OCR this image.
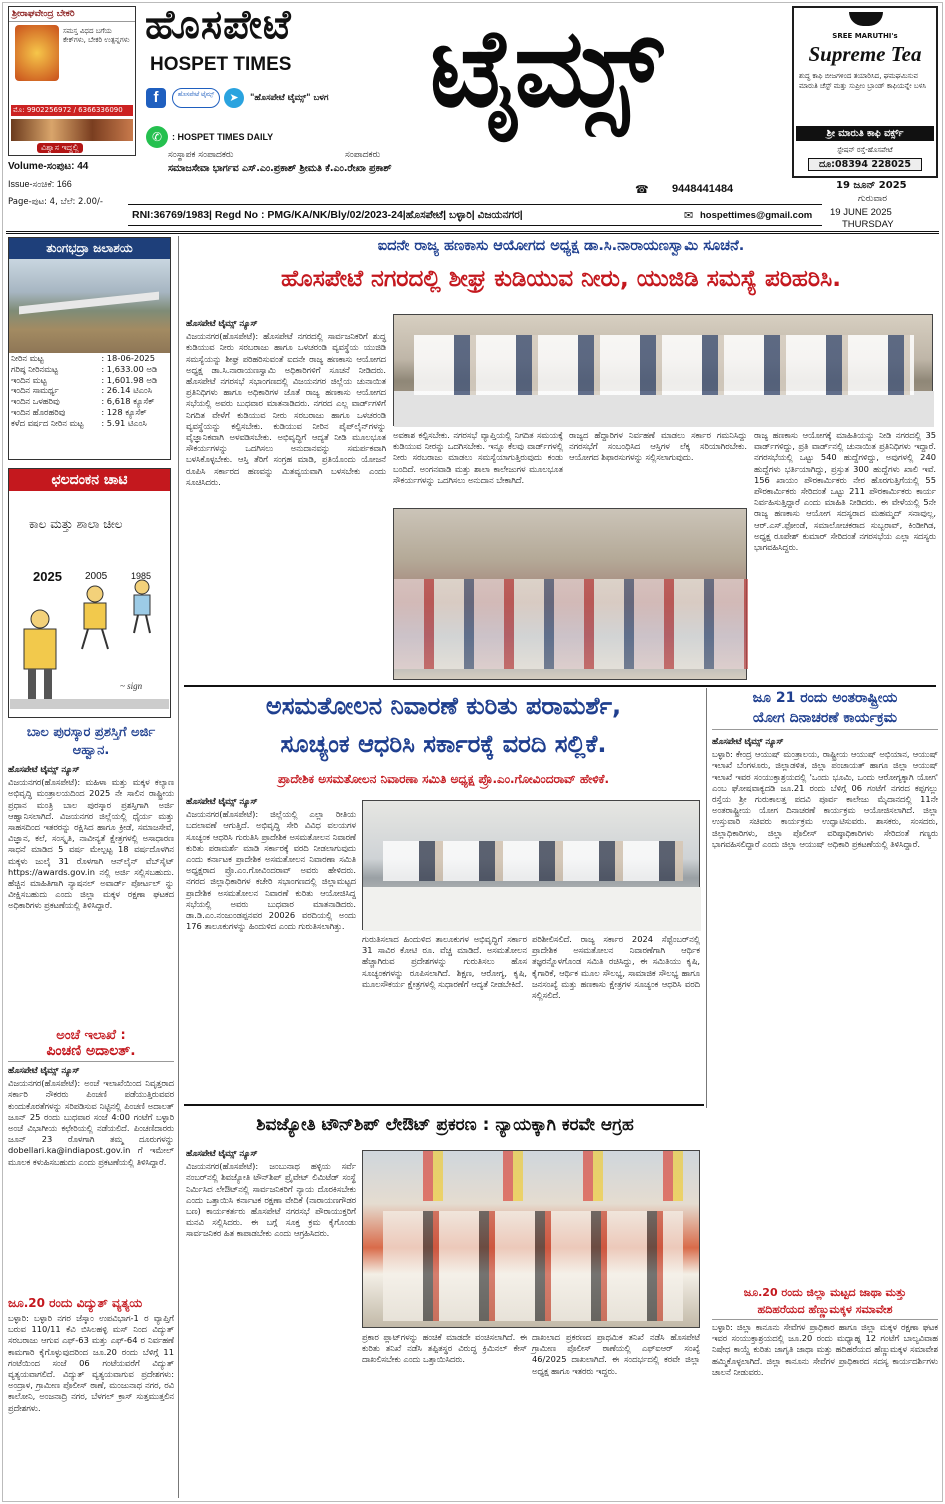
ಶ್ರೀರಾಘವೇಂದ್ರ ಬೇಕರಿ
ಸಮಸ್ತ ವಿಧದ ಬಗೆಯ ಕೇಕ್‌ಗಳು, ಬೇಕರಿ ಉತ್ಪನ್ನಗಳು
ಮೊ: 9902256972 / 6366336090
ವಿಶ್ವಾಸ ಇದ್ದಲ್ಲಿ
ಹೊಸಪೇಟೆ
HOSPET TIMES
f	ಹೊಸಪೇಟೆ ಟೈಮ್ಸ್	➤	"ಹೊಸಪೇಟೆ ಟೈಮ್ಸ್" ಬಳಗ
✆	: HOSPET TIMES DAILY
ಟೈಮ್ಸ್	SREE MARUTHI's
Supreme Tea
ಶುದ್ಧ ಕಾಫಿ ಬೀಜಗಳಿಂದ ತಯಾರಿಸಿದ, ಘಮಘಮಿಸುವ ಮಾರುತಿ ಚೆಸ್ಟ್ ಮತ್ತು ಸುಪ್ರೀಂ ಬ್ರಾಂಡ್ ಕಾಫಿಯನ್ನೇ ಬಳಸಿ
ಶ್ರೀ ಮಾರುತಿ ಕಾಫಿ ವರ್ಕ್ಸ್
ಸ್ಟೇಷನ್ ರಸ್ತೆ-ಹೊಸಪೇಟೆ
ದೂ:08394 228025
ಸಂಸ್ಥಾಪಕ ಸಂಪಾದಕರು	ಸಂಪಾದಕರು
Volume-ಸಂಪುಟ: 44
Issue-ಸಂಚಿಕೆ: 166
Page-ಪುಟ: 4, ಬೆಲೆ: 2.00/-
ಸಮಾಜಸೇವಾ ಭಾರ್ಗವ ಎಸ್.ಎಂ.ಪ್ರಕಾಶ್ ಶ್ರೀಮತಿ ಕೆ.ಎಂ.ರೇಖಾ ಪ್ರಕಾಶ್
☎ 9448441484	19 ಜೂನ್ 2025
ಗುರುವಾರ
19 JUNE 2025
THURSDAY
RNI:36769/1983| Regd No : PMG/KA/NK/Bly/02/2023-24|ಹೊಸಪೇಟೆ| ಬಳ್ಳಾರಿ| ವಿಜಯನಗರ|	✉ hospettimes@gmail.com
ತುಂಗಭದ್ರಾ ಜಲಾಶಯ
ನೀರಿನ ಮಟ್ಟ	: 18-06-2025
ಗರಿಷ್ಠ ನೀರಿನಮಟ್ಟ	: 1,633.00 ಅಡಿ
ಇಂದಿನ ಮಟ್ಟ	: 1,601.98 ಅಡಿ
ಇಂದಿನ ಸಾಮರ್ಥ್ಯ	: 26.14 ಟಿಎಂಸಿ
ಇಂದಿನ ಒಳಹರಿವು	: 6,618 ಕ್ಯೂಸೆಕ್
ಇಂದಿನ ಹೊರಹರಿವು	: 128 ಕ್ಯೂಸೆಕ್
ಕಳೆದ ವರ್ಷದ ನೀರಿನ ಮಟ್ಟ	: 5.91 ಟಿಎಂಸಿ
ಛಲದಂಕನ ಚಾಟಿ
ಕಾಲ ಮತ್ತು ಶಾಲಾ ಚೀಲ
~ sign
2025 2005	1985
ಬಾಲ ಪುರಸ್ಕಾರ ಪ್ರಶಸ್ತಿಗೆ ಅರ್ಜಿ ಆಹ್ವಾನ.

ಹೊಸಪೇಟೆ ಟೈಮ್ಸ್ ನ್ಯೂಸ್

ವಿಜಯನಗರ(ಹೊಸಪೇಟೆ): ಮಹಿಳಾ ಮತ್ತು ಮಕ್ಕಳ ಕಲ್ಯಾಣ ಅಭಿವೃದ್ಧಿ ಮಂತ್ರಾಲಯದಿಂದ 2025 ನೇ ಸಾಲಿನ ರಾಷ್ಟ್ರೀಯ ಪ್ರಧಾನ ಮಂತ್ರಿ ಬಾಲ ಪುರಸ್ಕಾರ ಪ್ರಶಸ್ತಿಗಾಗಿ ಅರ್ಜಿ ಆಹ್ವಾನಿಸಲಾಗಿದೆ. ವಿಜಯನಗರ ಜಿಲ್ಲೆಯಲ್ಲಿ ಧೈರ್ಯ ಮತ್ತು ಸಾಹಸದಿಂದ ಇತರರನ್ನು ರಕ್ಷಿಸಿದ ಹಾಗೂ ಕ್ರೀಡೆ, ಸಮಾಜಸೇವೆ, ವಿಜ್ಞಾನ, ಕಲೆ, ಸಂಸ್ಕೃತಿ, ನಾವೀನ್ಯತೆ ಕ್ಷೇತ್ರಗಳಲ್ಲಿ ಅಸಾಧಾರಣ ಸಾಧನೆ ಮಾಡಿದ 5 ವರ್ಷ ಮೇಲ್ಪಟ್ಟ 18 ವರ್ಷದೊಳಗಿನ ಮಕ್ಕಳು ಜುಲೈ 31 ರೊಳಗಾಗಿ ಆನ್‌ಲೈನ್ ವೆಬ್‌ಸೈಟ್ https://awards.gov.in ನಲ್ಲಿ ಅರ್ಜಿ ಸಲ್ಲಿಸಬಹುದು. ಹೆಚ್ಚಿನ ಮಾಹಿತಿಗಾಗಿ ನ್ಯಾಷನಲ್ ಅವಾರ್ಡ್ ಪೋರ್ಟಲ್ ನ್ನು ವೀಕ್ಷಿಸಬಹುದು ಎಂದು ಜಿಲ್ಲಾ ಮಕ್ಕಳ ರಕ್ಷಣಾ ಘಟಕದ ಅಧಿಕಾರಿಗಳು ಪ್ರಕಟಣೆಯಲ್ಲಿ ತಿಳಿಸಿದ್ದಾರೆ.

ಅಂಚೆ ಇಲಾಖೆ :
ಪಿಂಚಣಿ ಅದಾಲತ್.

ಹೊಸಪೇಟೆ ಟೈಮ್ಸ್ ನ್ಯೂಸ್

ವಿಜಯನಗರ(ಹೊಸಪೇಟೆ): ಅಂಚೆ ಇಲಾಖೆಯಿಂದ ನಿವೃತ್ತರಾದ ಸರ್ಕಾರಿ ನೌಕರರು ಪಿಂಚಣಿ ಪಡೆಯುತ್ತಿರುವವರ ಕುಂದುಕೊರತೆಗಳನ್ನು ಸರಿಪಡಿಸುವ ನಿಟ್ಟಿನಲ್ಲಿ ಪಿಂಚಣಿ ಅದಾಲತ್ ಜೂನ್ 25 ರಂದು ಬುಧವಾರ ಸಂಜೆ 4:00 ಗಂಟೆಗೆ ಬಳ್ಳಾರಿ ಅಂಚೆ ವಿಭಾಗೀಯ ಕಛೇರಿಯಲ್ಲಿ ನಡೆಯಲಿದೆ. ಪಿಂಚಣಿದಾರರು ಜೂನ್ 23 ರೊಳಗಾಗಿ ತಮ್ಮ ದೂರುಗಳನ್ನು dobellari.ka@indiapost.gov.in ಗೆ ಇಮೇಲ್ ಮೂಲಕ ಕಳುಹಿಸಬಹುದು ಎಂದು ಪ್ರಕಟಣೆಯಲ್ಲಿ ತಿಳಿಸಿದ್ದಾರೆ.

ಜೂ.20 ರಂದು ವಿದ್ಯುತ್ ವ್ಯತ್ಯಯ

ಬಳ್ಳಾರಿ: ಬಳ್ಳಾರಿ ನಗರ ಜೆಸ್ಕಾಂ ಉಪವಿಭಾಗ-1 ರ ವ್ಯಾಪ್ತಿಗೆ ಬರುವ 110/11 ಕೆವಿ ಬಿಸಿಲಹಳ್ಳಿ ಮಸ್ ನಿಂದ ವಿದ್ಯುತ್ ಸರಬರಾಜು ಆಗುವ ಎಫ್-63 ಮತ್ತು ಎಫ್-64 ರ ನಿರ್ವಹಣೆ ಕಾಮಗಾರಿ ಕೈಗೊಳ್ಳುವುದರಿಂದ ಜೂ.20 ರಂದು ಬೆಳಿಗ್ಗೆ 11 ಗಂಟೆಯಿಂದ ಸಂಜೆ 06 ಗಂಟೆಯವರೆಗೆ ವಿದ್ಯುತ್ ವ್ಯತ್ಯಯವಾಗಲಿದೆ. ವಿದ್ಯುತ್ ವ್ಯತ್ಯಯವಾಗುವ ಪ್ರದೇಶಗಳು: ಅಂದ್ರಾಳ, ಗ್ರಾಮೀಣ ಪೊಲೀಸ್ ಠಾಣೆ, ಮಂಜುನಾಥ ನಗರ, ರವಿ ಕಾಲೋನಿ, ಅಂಜನಾದ್ರಿ ನಗರ, ಬೆಳಗಲ್ ಕ್ರಾಸ್ ಸುತ್ತಮುತ್ತಲಿನ ಪ್ರದೇಶಗಳು.

ಐದನೇ ರಾಜ್ಯ ಹಣಕಾಸು ಆಯೋಗದ ಅಧ್ಯಕ್ಷ ಡಾ.ಸಿ.ನಾರಾಯಣಸ್ವಾಮಿ ಸೂಚನೆ.
ಹೊಸಪೇಟೆ ನಗರದಲ್ಲಿ ಶೀಘ್ರ ಕುಡಿಯುವ ನೀರು, ಯುಜಿಡಿ ಸಮಸ್ಯೆ ಪರಿಹರಿಸಿ.

ಹೊಸಪೇಟೆ ಟೈಮ್ಸ್ ನ್ಯೂಸ್

ವಿಜಯನಗರ(ಹೊಸಪೇಟೆ): ಹೊಸಪೇಟೆ ನಗರದಲ್ಲಿ ಸಾರ್ವಜನಿಕರಿಗೆ ಶುದ್ಧ ಕುಡಿಯುವ ನೀರು ಸರಬರಾಜು ಹಾಗೂ ಒಳಚರಂಡಿ ವ್ಯವಸ್ಥೆಯ ಯುಜಿಡಿ ಸಮಸ್ಯೆಯನ್ನು ಶೀಘ್ರ ಪರಿಹರಿಸುವಂತೆ ಐದನೇ ರಾಜ್ಯ ಹಣಕಾಸು ಆಯೋಗದ ಅಧ್ಯಕ್ಷ ಡಾ.ಸಿ.ನಾರಾಯಣಸ್ವಾಮಿ ಅಧಿಕಾರಿಗಳಿಗೆ ಸೂಚನೆ ನೀಡಿದರು. ಹೊಸಪೇಟೆ ನಗರಸಭೆ ಸಭಾಂಗಣದಲ್ಲಿ ವಿಜಯನಗರ ಜಿಲ್ಲೆಯ ಚುನಾಯಿತ ಪ್ರತಿನಿಧಿಗಳು ಹಾಗೂ ಅಧಿಕಾರಿಗಳ ಜೊತೆ ರಾಜ್ಯ ಹಣಕಾಸು ಆಯೋಗದ ಸಭೆಯಲ್ಲಿ ಅವರು ಬುಧವಾರ ಮಾತನಾಡಿದರು. ನಗರದ ಎಲ್ಲ ವಾರ್ಡ್‌ಗಳಿಗೆ ನಿಗದಿತ ವೇಳೆಗೆ ಕುಡಿಯುವ ನೀರು ಸರಬರಾಜು ಹಾಗೂ ಒಳಚರಂಡಿ ವ್ಯವಸ್ಥೆಯನ್ನು ಕಲ್ಪಿಸಬೇಕು. ಕುಡಿಯುವ ನೀರಿನ ಪೈಪ್‌ಲೈನ್‌ಗಳನ್ನು ವೈಜ್ಞಾನಿಕವಾಗಿ ಅಳವಡಿಸಬೇಕು. ಅಭಿವೃದ್ಧಿಗೆ ಆದ್ಯತೆ ನೀಡಿ ಮೂಲಭೂತ ಸೌಕರ್ಯಗಳನ್ನು ಒದಗಿಸಲು ಅನುದಾನವನ್ನು ಸಮರ್ಪಕವಾಗಿ ಬಳಸಿಕೊಳ್ಳಬೇಕು. ಆಸ್ತಿ ತೆರಿಗೆ ಸಂಗ್ರಹ ಮಾಡಿ, ಪ್ರತಿಯೊಂದು ಯೋಜನೆ ರೂಪಿಸಿ ಸರ್ಕಾರದ ಹಣವನ್ನು ಮಿತವ್ಯಯವಾಗಿ ಬಳಸಬೇಕು ಎಂದು ಸೂಚಿಸಿದರು.

ಅವಕಾಶ ಕಲ್ಪಿಸಬೇಕು. ನಗರಸಭೆ ವ್ಯಾಪ್ತಿಯಲ್ಲಿ ನಿಗದಿತ ಸಮಯಕ್ಕೆ ಕುಡಿಯುವ ನೀರನ್ನು ಒದಗಿಸಬೇಕು. ಇನ್ನೂ ಕೆಲವು ವಾರ್ಡ್‌ಗಳಲ್ಲಿ ನೀರು ಸರಬರಾಜು ಮಾಡಲು ಸಮಸ್ಯೆಯಾಗುತ್ತಿರುವುದು ಕಂಡು ಬಂದಿದೆ. ಅಂಗನವಾಡಿ ಮತ್ತು ಶಾಲಾ ಕಾಲೇಜುಗಳ ಮೂಲಭೂತ ಸೌಕರ್ಯಗಳನ್ನು ಒದಗಿಸಲು ಅನುದಾನ ಬೇಕಾಗಿದೆ.

ರಾಜ್ಯದ ಹೆದ್ದಾರಿಗಳ ನಿರ್ವಹಣೆ ಮಾಡಲು ಸರ್ಕಾರ ಗಮನಿಸಿದ್ದು ನಗರಸಭೆಗೆ ಸಂಬಂಧಿಸಿದ ಆಸ್ತಿಗಳ ಲೆಕ್ಕ ಸರಿಯಾಗಿರಬೇಕು. ಆಯೋಗದ ಶಿಫಾರಸುಗಳನ್ನು ಸಲ್ಲಿಸಲಾಗುವುದು.

ರಾಜ್ಯ ಹಣಕಾಸು ಆಯೋಗಕ್ಕೆ ಮಾಹಿತಿಯನ್ನು ನೀಡಿ ನಗರದಲ್ಲಿ 35 ವಾರ್ಡ್‌ಗಳಿದ್ದು, ಪ್ರತಿ ವಾರ್ಡ್‌ನಲ್ಲಿ ಚುನಾಯಿತ ಪ್ರತಿನಿಧಿಗಳು ಇದ್ದಾರೆ. ನಗರಸಭೆಯಲ್ಲಿ ಒಟ್ಟು 540 ಹುದ್ದೆಗಳಿದ್ದು, ಅವುಗಳಲ್ಲಿ 240 ಹುದ್ದೆಗಳು ಭರ್ತಿಯಾಗಿದ್ದು, ಪ್ರಸ್ತುತ 300 ಹುದ್ದೆಗಳು ಖಾಲಿ ಇವೆ. 156 ಖಾಯಂ ಪೌರಕಾರ್ಮಿಕರು ನೇರ ಹೊರಗುತ್ತಿಗೆಯಲ್ಲಿ 55 ಪೌರಕಾರ್ಮಿಕರು ಸೇರಿದಂತೆ ಒಟ್ಟು 211 ಪೌರಕಾರ್ಮಿಕರು ಕಾರ್ಯ ನಿರ್ವಹಿಸುತ್ತಿದ್ದಾರೆ ಎಂದು ಮಾಹಿತಿ ನೀಡಿದರು. ಈ ವೇಳೆಯಲ್ಲಿ 5ನೇ ರಾಜ್ಯ ಹಣಕಾಸು ಆಯೋಗ ಸದಸ್ಯರಾದ ಮಹಮ್ಮದ್ ಸನಾವುಲ್ಲ, ಆರ್.ಎಸ್.ಫೋಂಡೆ, ಸಮಾಲೋಚಕರಾದ ಸುಬ್ಬರಾವ್, ಕಿಂಡೀಗಿಡ, ಅಧ್ಯಕ್ಷ ರೂಪೇಶ್ ಕುಮಾರ್ ಸೇರಿದಂತೆ ನಗರಸಭೆಯ ಎಲ್ಲಾ ಸದಸ್ಯರು ಭಾಗವಹಿಸಿದ್ದರು.

ಅಸಮತೋಲನ ನಿವಾರಣೆ ಕುರಿತು ಪರಾಮರ್ಶೆ,
ಸೂಚ್ಯಂಕ ಆಧರಿಸಿ ಸರ್ಕಾರಕ್ಕೆ ವರದಿ ಸಲ್ಲಿಕೆ.
ಪ್ರಾದೇಶಿಕ ಅಸಮತೋಲನ ನಿವಾರಣಾ ಸಮಿತಿ ಅಧ್ಯಕ್ಷ ಪ್ರೊ.ಎಂ.ಗೋವಿಂದರಾವ್ ಹೇಳಿಕೆ.

ಹೊಸಪೇಟೆ ಟೈಮ್ಸ್ ನ್ಯೂಸ್

ವಿಜಯನಗರ(ಹೊಸಪೇಟೆ): ಜಿಲ್ಲೆಯಲ್ಲಿ ಎಲ್ಲಾ ರೀತಿಯ ಬದಲಾವಣೆ ಆಗುತ್ತಿದೆ. ಅಭಿವೃದ್ಧಿ ಸೇರಿ ವಿವಿಧ ವಲಯಗಳ ಸೂಚ್ಯಂಕ ಆಧರಿಸಿ ಗುರುತಿಸಿ ಪ್ರಾದೇಶಿಕ ಅಸಮತೋಲನ ನಿವಾರಣೆ ಕುರಿತು ಪರಾಮರ್ಶೆ ಮಾಡಿ ಸರ್ಕಾರಕ್ಕೆ ವರದಿ ನೀಡಲಾಗುವುದು ಎಂದು ಕರ್ನಾಟಕ ಪ್ರಾದೇಶಿಕ ಅಸಮತೋಲನ ನಿವಾರಣಾ ಸಮಿತಿ ಅಧ್ಯಕ್ಷರಾದ ಪ್ರೊ.ಎಂ.ಗೋವಿಂದರಾವ್ ಅವರು ಹೇಳಿದರು. ನಗರದ ಜಿಲ್ಲಾಧಿಕಾರಿಗಳ ಕಚೇರಿ ಸಭಾಂಗಣದಲ್ಲಿ ಜಿಲ್ಲಾಮಟ್ಟದ ಪ್ರಾದೇಶಿಕ ಅಸಮತೋಲನ ನಿವಾರಣೆ ಕುರಿತು ಆಯೋಜಿಸಿದ್ದ ಸಭೆಯಲ್ಲಿ ಅವರು ಬುಧವಾರ ಮಾತನಾಡಿದರು. ಡಾ.ಡಿ.ಎಂ.ನಂಜುಂಡಪ್ಪನವರ 20026 ವರದಿಯಲ್ಲಿ ಅಂದು 176 ತಾಲೂಕುಗಳನ್ನು ಹಿಂದುಳಿದ ಎಂದು ಗುರುತಿಸಲಾಗಿತ್ತು.

ಗುರುತಿಸಲಾದ ಹಿಂದುಳಿದ ತಾಲೂಕುಗಳ ಅಭಿವೃದ್ಧಿಗೆ ಸರ್ಕಾರ 31 ಸಾವಿರ ಕೋಟಿ ರೂ. ವೆಚ್ಚ ಮಾಡಿದೆ. ಅಸಮತೋಲನ ಹೆಚ್ಚಾಗಿರುವ ಪ್ರದೇಶಗಳನ್ನು ಗುರುತಿಸಲು ಹೊಸ ಸೂಚ್ಯಂಕಗಳನ್ನು ರೂಪಿಸಲಾಗಿದೆ. ಶಿಕ್ಷಣ, ಆರೋಗ್ಯ, ಕೃಷಿ, ಮೂಲಸೌಕರ್ಯ ಕ್ಷೇತ್ರಗಳಲ್ಲಿ ಸುಧಾರಣೆಗೆ ಆದ್ಯತೆ ನೀಡಬೇಕಿದೆ.

ಪರಿಶೀಲಿಸಲಿದೆ. ರಾಜ್ಯ ಸರ್ಕಾರ 2024 ಸೆಪ್ಟೆಂಬರ್‌ನಲ್ಲಿ ಪ್ರಾದೇಶಿಕ ಅಸಮತೋಲನ ನಿವಾರಣೆಗಾಗಿ ಆರ್ಥಿಕ ತಜ್ಞರನ್ನೊಳಗೊಂಡ ಸಮಿತಿ ರಚಿಸಿದ್ದು, ಈ ಸಮಿತಿಯು ಕೃಷಿ, ಕೈಗಾರಿಕೆ, ಆರ್ಥಿಕ ಮೂಲ ಸೌಲಭ್ಯ, ಸಾಮಾಜಿಕ ಸೌಲಭ್ಯ ಹಾಗೂ ಜನಸಂಖ್ಯೆ ಮತ್ತು ಹಣಕಾಸು ಕ್ಷೇತ್ರಗಳ ಸೂಚ್ಯಂಕ ಆಧರಿಸಿ ವರದಿ ಸಲ್ಲಿಸಲಿದೆ.

ಶಿವಜ್ಯೋತಿ ಟೌನ್‌ಶಿಪ್ ಲೇಔಟ್ ಪ್ರಕರಣ : ನ್ಯಾಯಕ್ಕಾಗಿ ಕರವೇ ಆಗ್ರಹ

ಹೊಸಪೇಟೆ ಟೈಮ್ಸ್ ನ್ಯೂಸ್

ವಿಜಯನಗರ(ಹೊಸಪೇಟೆ): ಜಂಬುನಾಥ ಹಳ್ಳಿಯ ಸರ್ವೆ ನಂಬರ್‌ನಲ್ಲಿ ಶಿವಜ್ಯೋತಿ ಟೌನ್‌ಶಿಪ್ ಪ್ರೈವೇಟ್ ಲಿಮಿಟೆಡ್ ಸಂಸ್ಥೆ ನಿರ್ಮಿಸಿದ ಲೇಔಟ್‌ನಲ್ಲಿ ಸಾರ್ವಜನಿಕರಿಗೆ ನ್ಯಾಯ ದೊರಕಿಸಬೇಕು ಎಂದು ಒತ್ತಾಯಿಸಿ ಕರ್ನಾಟಕ ರಕ್ಷಣಾ ವೇದಿಕೆ (ನಾರಾಯಣಗೌಡರ ಬಣ) ಕಾರ್ಯಕರ್ತರು ಹೊಸಪೇಟೆ ನಗರಸಭೆ ಪೌರಾಯುಕ್ತರಿಗೆ ಮನವಿ ಸಲ್ಲಿಸಿದರು. ಈ ಬಗ್ಗೆ ಸೂಕ್ತ ಕ್ರಮ ಕೈಗೊಂಡು ಸಾರ್ವಜನಿಕರ ಹಿತ ಕಾಪಾಡಬೇಕು ಎಂದು ಆಗ್ರಹಿಸಿದರು.

ಪ್ರಕಾರ ಪ್ಲಾಟ್‌ಗಳನ್ನು ಹಂಚಿಕೆ ಮಾಡದೇ ವಂಚಿಸಲಾಗಿದೆ. ಈ ಕುರಿತು ತನಿಖೆ ನಡೆಸಿ ತಪ್ಪಿತಸ್ಥರ ವಿರುದ್ಧ ಕ್ರಿಮಿನಲ್ ಕೇಸ್ ದಾಖಲಿಸಬೇಕು ಎಂದು ಒತ್ತಾಯಿಸಿದರು.

ದಾಖಲಾದ ಪ್ರಕರಣದ ಪ್ರಾಥಮಿಕ ತನಿಖೆ ನಡೆಸಿ ಹೊಸಪೇಟೆ ಗ್ರಾಮೀಣ ಪೊಲೀಸ್ ಠಾಣೆಯಲ್ಲಿ ಎಫ್‌ಐಆರ್ ಸಂಖ್ಯೆ 46/2025 ದಾಖಲಾಗಿದೆ. ಈ ಸಂದರ್ಭದಲ್ಲಿ ಕರವೇ ಜಿಲ್ಲಾ ಅಧ್ಯಕ್ಷ ಹಾಗೂ ಇತರರು ಇದ್ದರು.

ಜೂ 21 ರಂದು ಅಂತರಾಷ್ಟ್ರೀಯ
ಯೋಗ ದಿನಾಚರಣೆ ಕಾರ್ಯಕ್ರಮ

ಹೊಸಪೇಟೆ ಟೈಮ್ಸ್ ನ್ಯೂಸ್

ಬಳ್ಳಾರಿ: ಕೇಂದ್ರ ಆಯುಷ್ ಮಂತ್ರಾಲಯ, ರಾಷ್ಟ್ರೀಯ ಆಯುಷ್ ಅಭಿಯಾನ, ಆಯುಷ್ ಇಲಾಖೆ ಬೆಂಗಳೂರು, ಜಿಲ್ಲಾಡಳಿತ, ಜಿಲ್ಲಾ ಪಂಚಾಯತ್ ಹಾಗೂ ಜಿಲ್ಲಾ ಆಯುಷ್ ಇಲಾಖೆ ಇವರ ಸಂಯುಕ್ತಾಶ್ರಯದಲ್ಲಿ 'ಒಂದು ಭೂಮಿ, ಒಂದು ಆರೋಗ್ಯಕ್ಕಾಗಿ ಯೋಗ' ಎಂಬ ಘೋಷವಾಕ್ಯದಡಿ ಜೂ.21 ರಂದು ಬೆಳಿಗ್ಗೆ 06 ಗಂಟೆಗೆ ನಗರದ ಕಪ್ಪಗಲ್ಲು ರಸ್ತೆಯ ಶ್ರೀ ಗುರುಕಾಲತ್ತ ಪದವಿ ಪೂರ್ವ ಕಾಲೇಜು ಮೈದಾನದಲ್ಲಿ 11ನೇ ಅಂತರಾಷ್ಟ್ರೀಯ ಯೋಗ ದಿನಾಚರಣೆ ಕಾರ್ಯಕ್ರಮ ಆಯೋಜಿಸಲಾಗಿದೆ. ಜಿಲ್ಲಾ ಉಸ್ತುವಾರಿ ಸಚಿವರು ಕಾರ್ಯಕ್ರಮ ಉದ್ಘಾಟಿಸುವರು. ಶಾಸಕರು, ಸಂಸದರು, ಜಿಲ್ಲಾಧಿಕಾರಿಗಳು, ಜಿಲ್ಲಾ ಪೊಲೀಸ್ ವರಿಷ್ಠಾಧಿಕಾರಿಗಳು ಸೇರಿದಂತೆ ಗಣ್ಯರು ಭಾಗವಹಿಸಲಿದ್ದಾರೆ ಎಂದು ಜಿಲ್ಲಾ ಆಯುಷ್ ಅಧಿಕಾರಿ ಪ್ರಕಟಣೆಯಲ್ಲಿ ತಿಳಿಸಿದ್ದಾರೆ.

ಜೂ.20 ರಂದು ಜಿಲ್ಲಾ ಮಟ್ಟದ ಜಾಥಾ ಮತ್ತು
ಹದಿಹರೆಯದ ಹೆಣ್ಣುಮಕ್ಕಳ ಸಮಾವೇಶ

ಬಳ್ಳಾರಿ: ಜಿಲ್ಲಾ ಕಾನೂನು ಸೇವೆಗಳ ಪ್ರಾಧಿಕಾರ ಹಾಗೂ ಜಿಲ್ಲಾ ಮಕ್ಕಳ ರಕ್ಷಣಾ ಘಟಕ ಇವರ ಸಂಯುಕ್ತಾಶ್ರಯದಲ್ಲಿ ಜೂ.20 ರಂದು ಮಧ್ಯಾಹ್ನ 12 ಗಂಟೆಗೆ ಬಾಲ್ಯವಿವಾಹ ನಿಷೇಧ ಕಾಯ್ದೆ ಕುರಿತು ಜಾಗೃತಿ ಜಾಥಾ ಮತ್ತು ಹದಿಹರೆಯದ ಹೆಣ್ಣುಮಕ್ಕಳ ಸಮಾವೇಶ ಹಮ್ಮಿಕೊಳ್ಳಲಾಗಿದೆ. ಜಿಲ್ಲಾ ಕಾನೂನು ಸೇವೆಗಳ ಪ್ರಾಧಿಕಾರದ ಸದಸ್ಯ ಕಾರ್ಯದರ್ಶಿಗಳು ಚಾಲನೆ ನೀಡುವರು.
